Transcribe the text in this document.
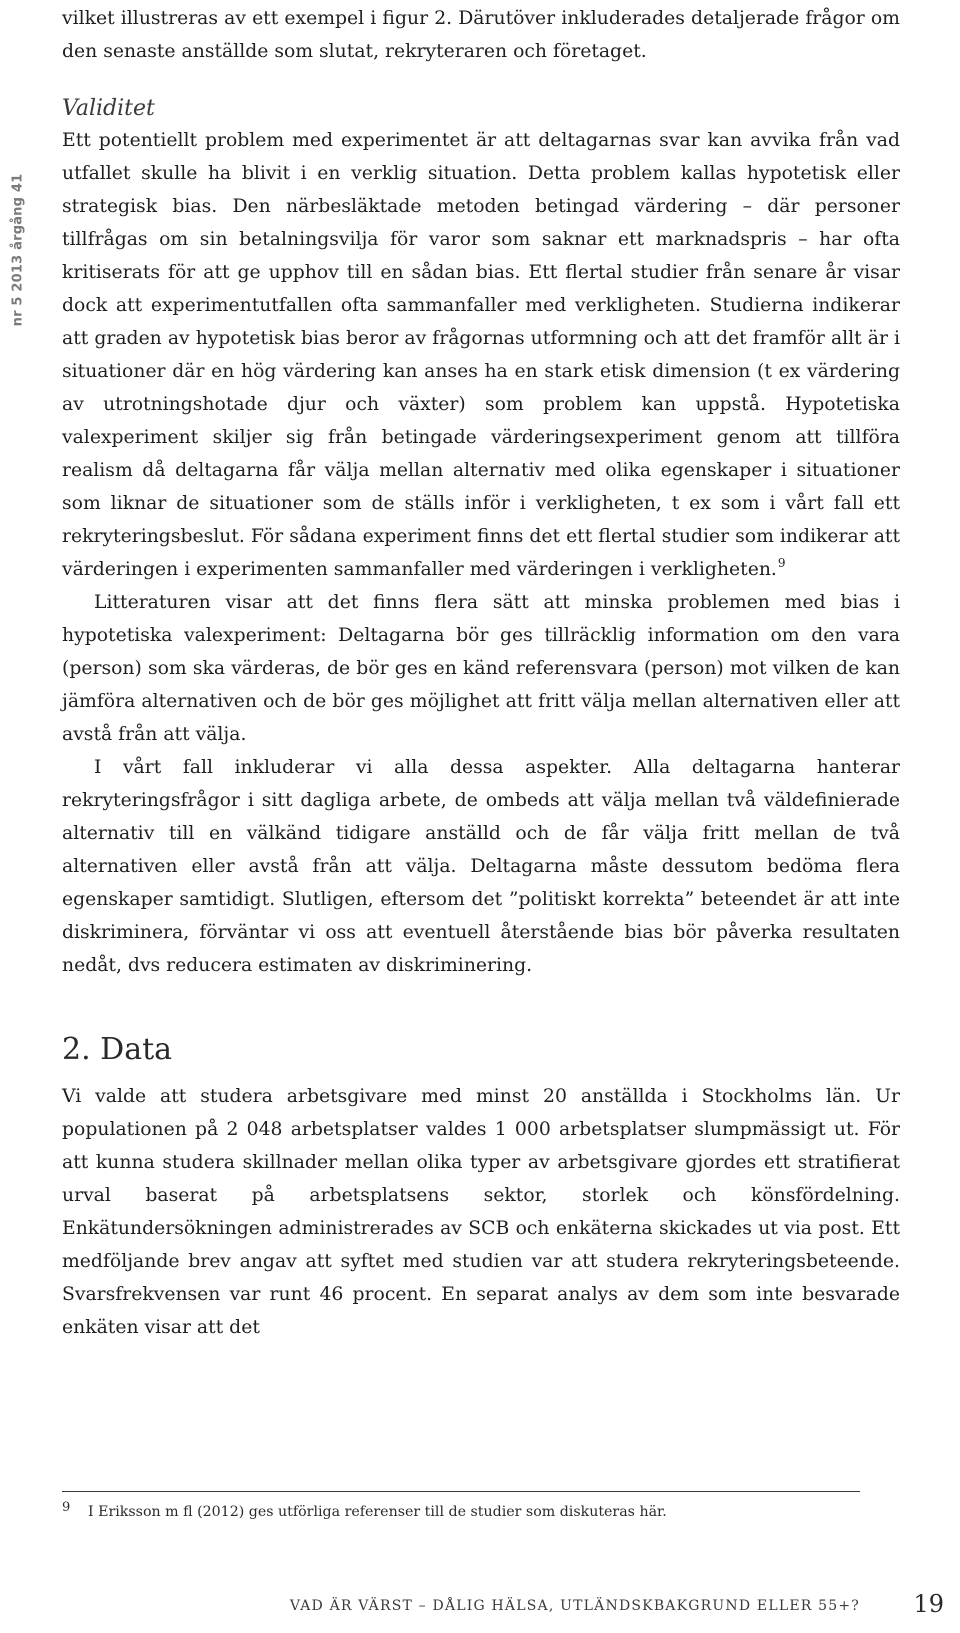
nr 5 2013 årgång 41

vilket illustreras av ett exempel i figur 2. Därutöver inkluderades detaljerade frågor om den senaste anställde som slutat, rekryteraren och företaget.

Validitet

Ett potentiellt problem med experimentet är att deltagarnas svar kan avvika från vad utfallet skulle ha blivit i en verklig situation. Detta problem kallas hypotetisk eller strategisk bias. Den närbesläktade metoden betingad värdering – där personer tillfrågas om sin betalningsvilja för varor som saknar ett marknadspris – har ofta kritiserats för att ge upphov till en sådan bias. Ett flertal studier från senare år visar dock att experimentutfallen ofta sammanfaller med verkligheten. Studierna indikerar att graden av hypotetisk bias beror av frågornas utformning och att det framför allt är i situationer där en hög värdering kan anses ha en stark etisk dimension (t ex värdering av utrotningshotade djur och växter) som problem kan uppstå. Hypotetiska valexperiment skiljer sig från betingade värderingsexperiment genom att tillföra realism då deltagarna får välja mellan alternativ med olika egenskaper i situationer som liknar de situationer som de ställs inför i verkligheten, t ex som i vårt fall ett rekryteringsbeslut. För sådana experiment finns det ett flertal studier som indikerar att värderingen i experimenten sammanfaller med värderingen i verkligheten.$^9$

Litteraturen visar att det finns flera sätt att minska problemen med bias i hypotetiska valexperiment: Deltagarna bör ges tillräcklig information om den vara (person) som ska värderas, de bör ges en känd referensvara (person) mot vilken de kan jämföra alternativen och de bör ges möjlighet att fritt välja mellan alternativen eller att avstå från att välja.

I vårt fall inkluderar vi alla dessa aspekter. Alla deltagarna hanterar rekryteringsfrågor i sitt dagliga arbete, de ombeds att välja mellan två väldefinierade alternativ till en välkänd tidigare anställd och de får välja fritt mellan de två alternativen eller avstå från att välja. Deltagarna måste dessutom bedöma flera egenskaper samtidigt. Slutligen, eftersom det ”politiskt korrekta” beteendet är att inte diskriminera, förväntar vi oss att eventuell återstående bias bör påverka resultaten nedåt, dvs reducera estimaten av diskriminering.

2. Data

Vi valde att studera arbetsgivare med minst 20 anställda i Stockholms län. Ur populationen på 2 048 arbetsplatser valdes 1 000 arbetsplatser slumpmässigt ut. För att kunna studera skillnader mellan olika typer av arbetsgivare gjordes ett stratifierat urval baserat på arbetsplatsens sektor, storlek och könsfördelning. Enkätundersökningen administrerades av SCB och enkäterna skickades ut via post. Ett medföljande brev angav att syftet med studien var att studera rekryteringsbeteende. Svarsfrekvensen var runt 46 procent. En separat analys av dem som inte besvarade enkäten visar att det

9 I Eriksson m fl (2012) ges utförliga referenser till de studier som diskuteras här.
VAD ÄR VÄRST – DÅLIG HÄLSA, UTLÄNDSKBAKGRUND ELLER 55+? 19
